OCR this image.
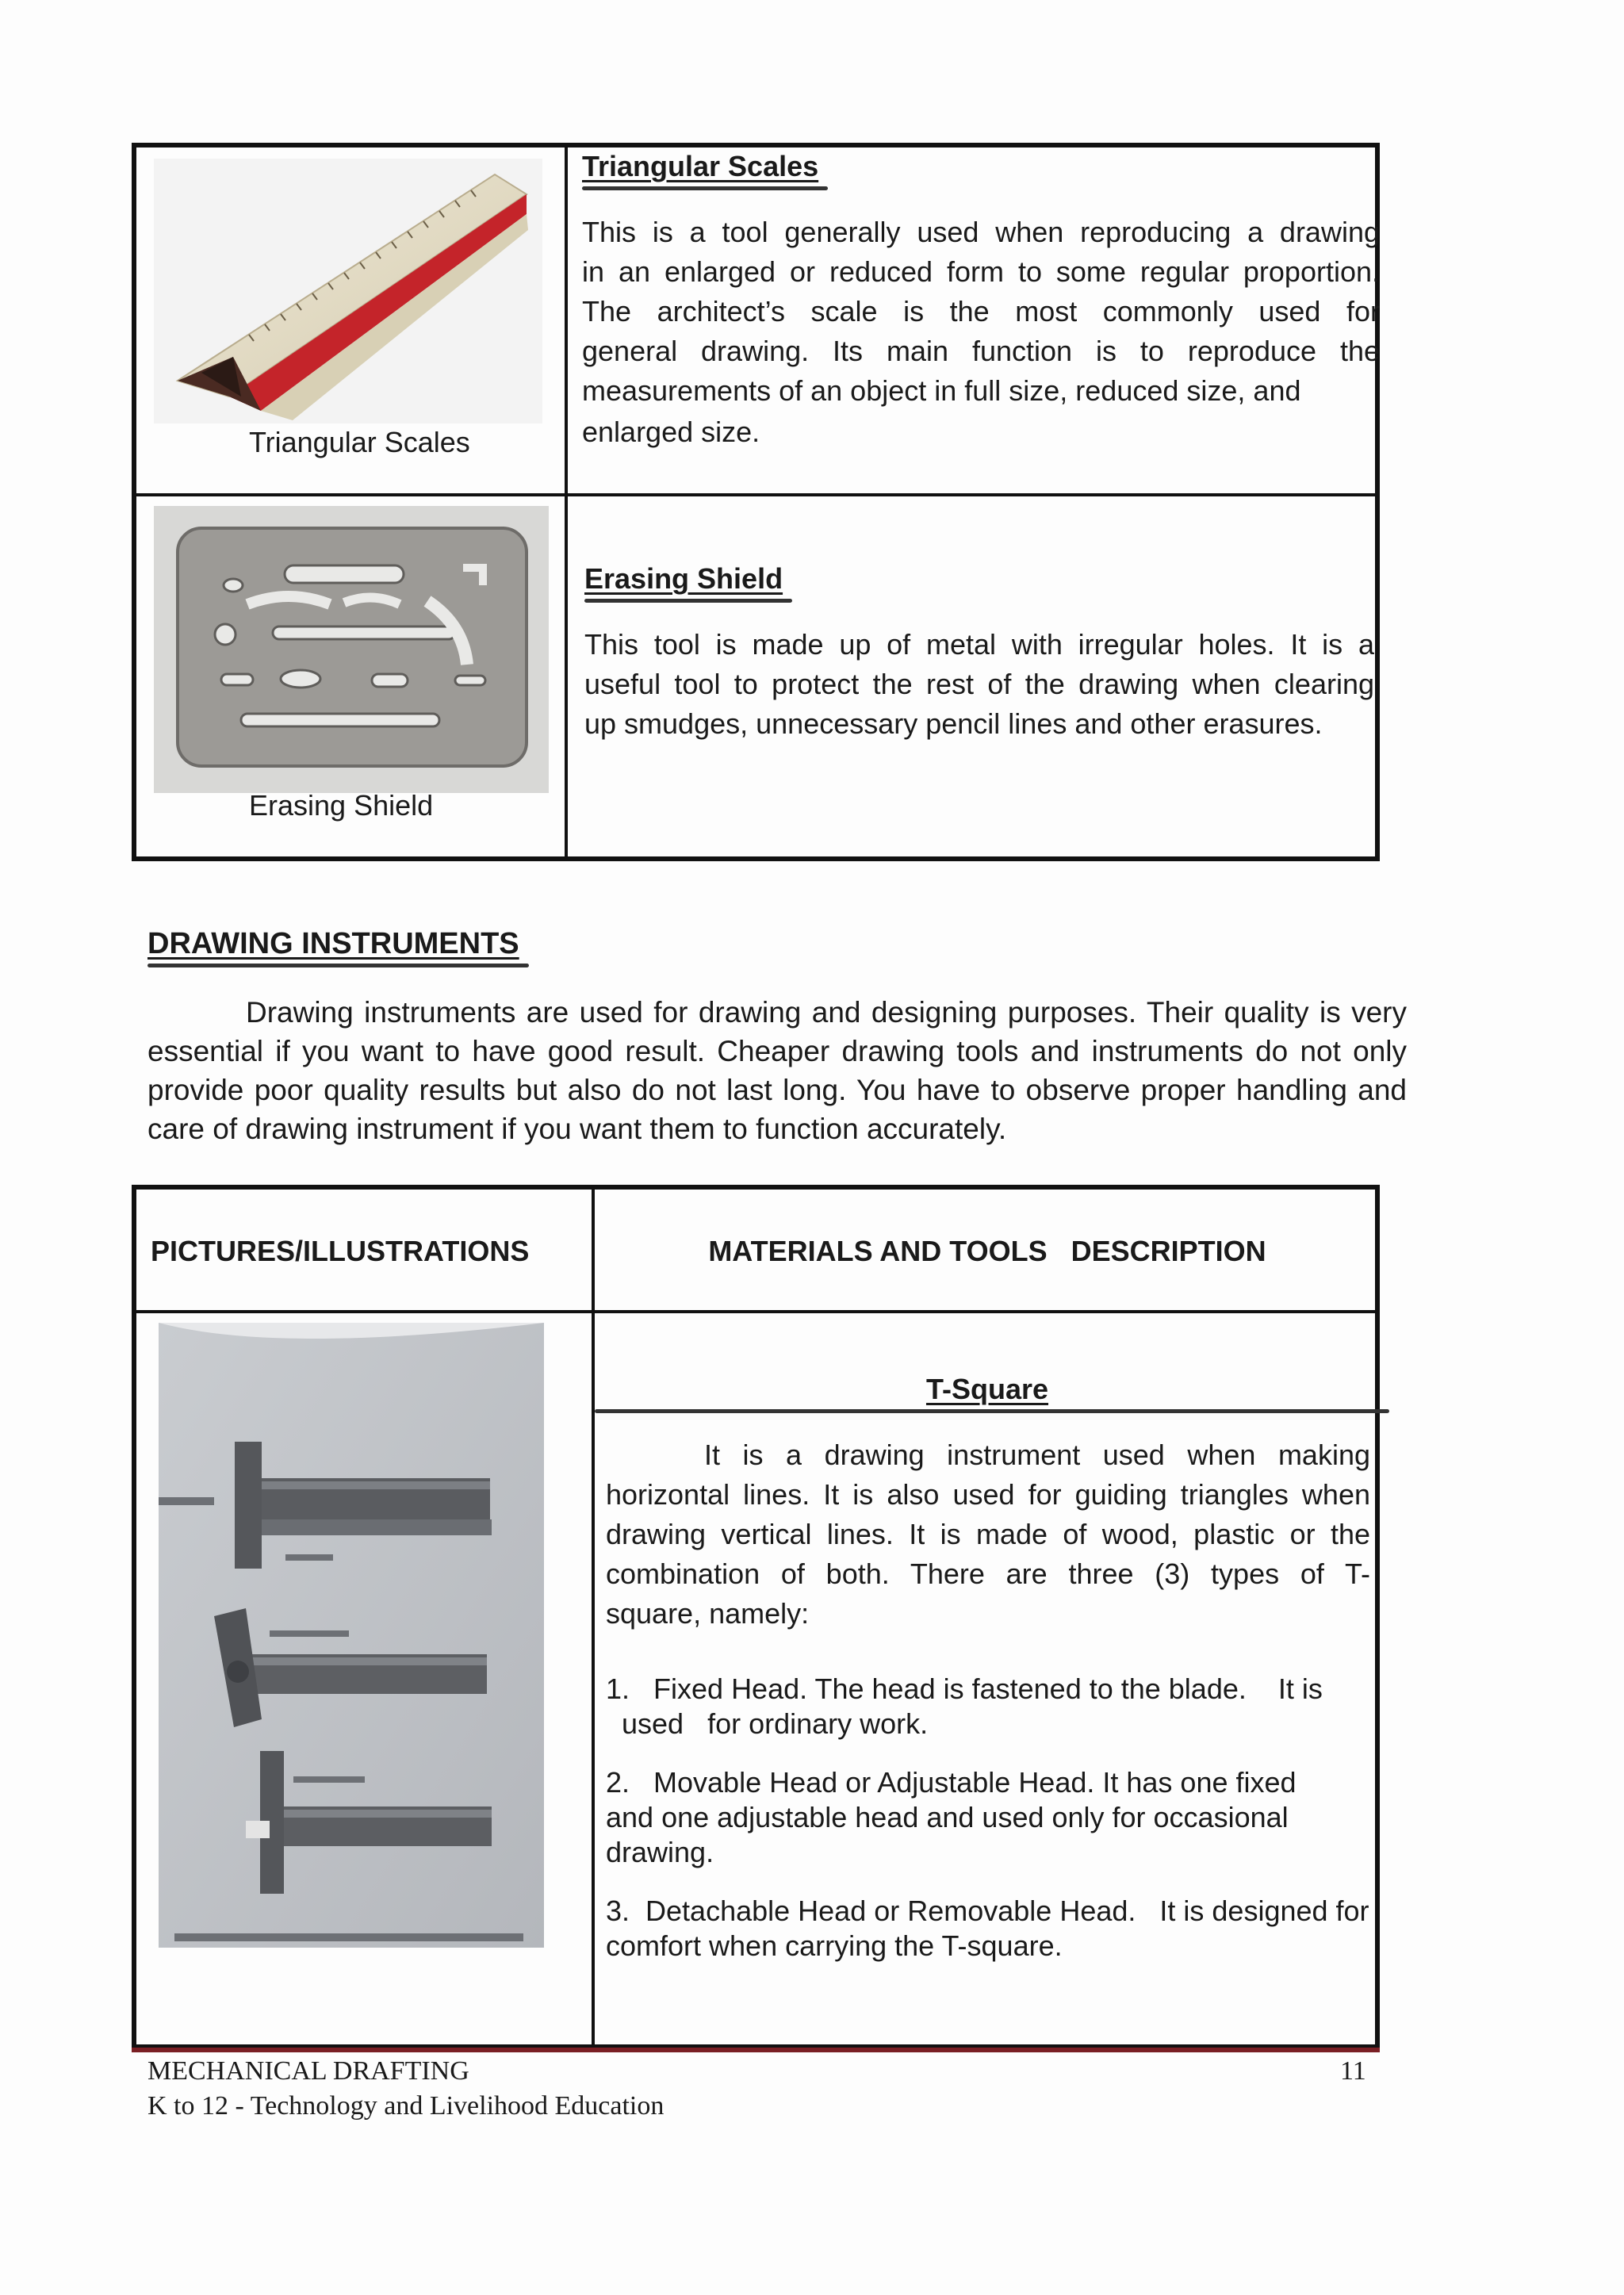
Triangular Scales
Triangular Scales
This is a tool generally used when reproducing a drawing
in an enlarged or reduced form to some regular proportion.
The architect’s scale is the most commonly used for
general drawing. Its main function is to reproduce the
measurements of an object in full size, reduced size, and
enlarged size.
Erasing Shield
Erasing Shield
This tool is made up of metal with irregular holes. It is a
useful tool to protect the rest of the drawing when clearing
up smudges, unnecessary pencil lines and other erasures.
DRAWING INSTRUMENTS
Drawing instruments are used for drawing and designing purposes. Their quality is very
essential if you want to have good result. Cheaper drawing tools and instruments do not only
provide poor quality results but also do not last long. You have to observe proper handling and
care of drawing instrument if you want them to function accurately.
PICTURES/ILLUSTRATIONS	MATERIALS AND TOOLS   DESCRIPTION
T-Square
It is a drawing instrument used when making
horizontal lines. It is also used for guiding triangles when
drawing vertical lines. It is made of wood, plastic or the
combination of both. There are three (3) types of T-
square, namely:
1.   Fixed Head. The head is fastened to the blade.    It is
used   for ordinary work.
2.   Movable Head or Adjustable Head. It has one fixed
and one adjustable head and used only for occasional
drawing.
3.  Detachable Head or Removable Head.   It is designed for
comfort when carrying the T-square.
MECHANICAL DRAFTING	11
K to 12 - Technology and Livelihood Education
